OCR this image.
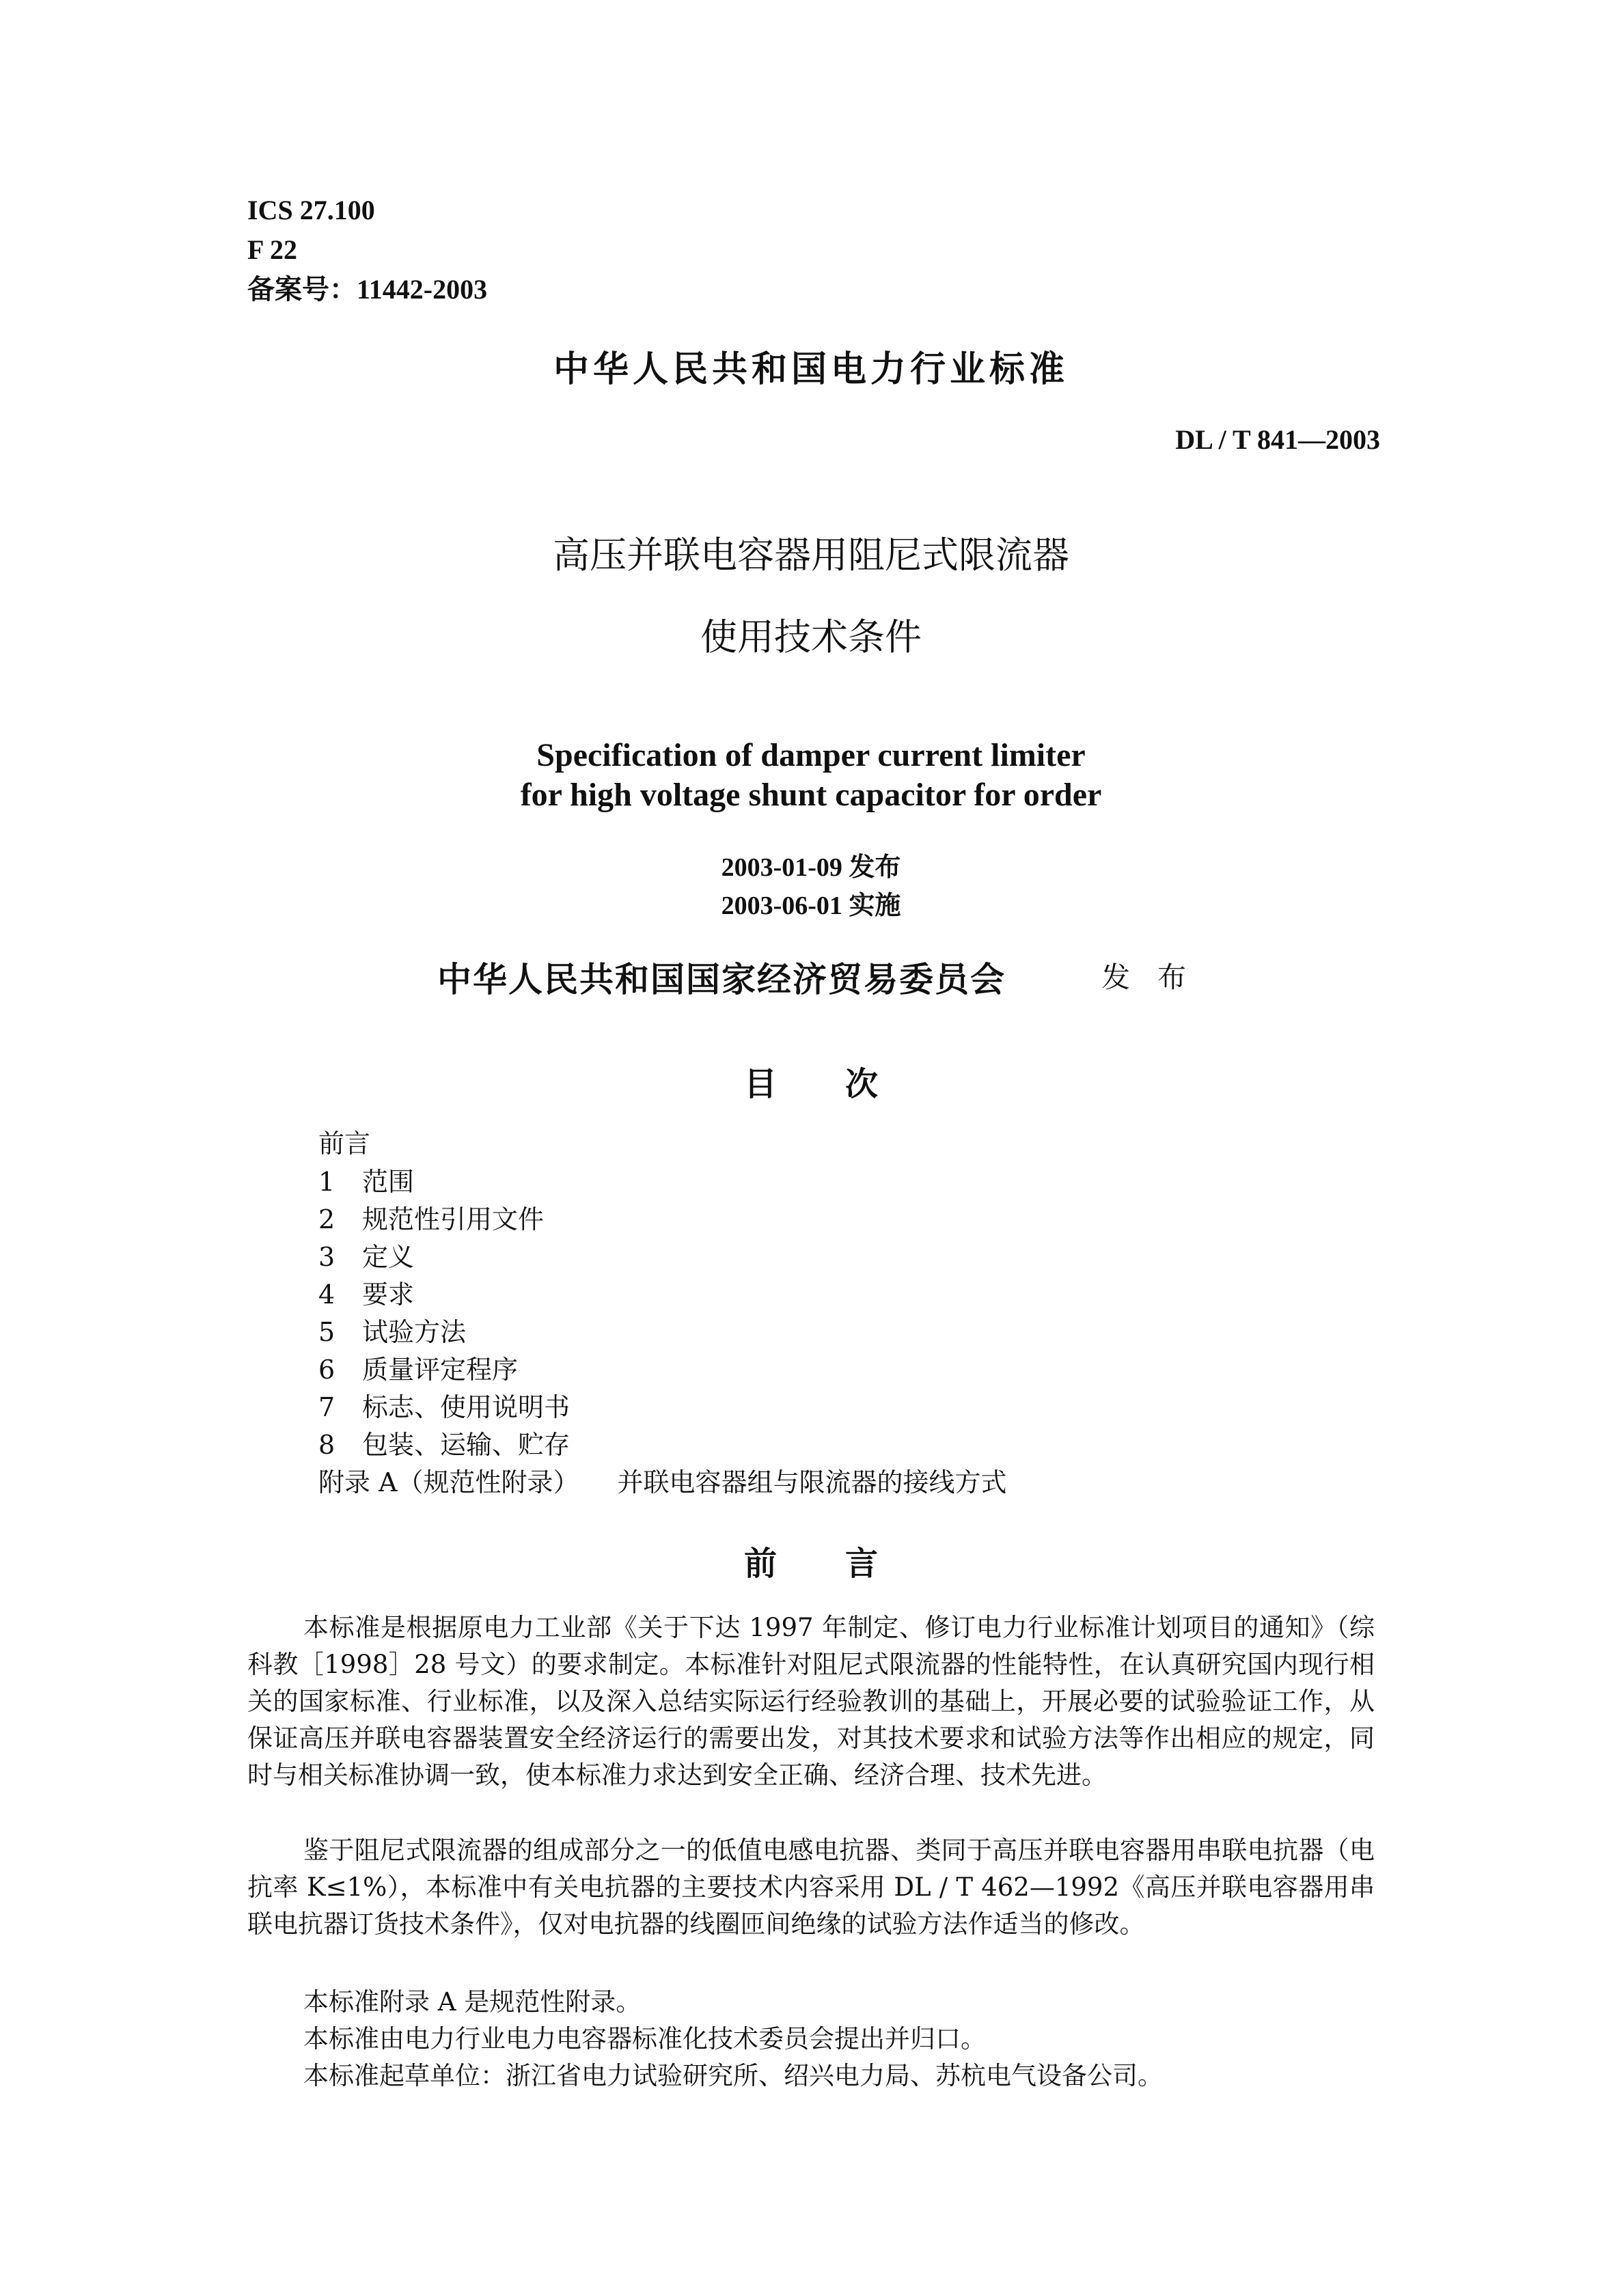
ICS 27.100
F 22
备案号：11442-2003
中华人民共和国电力行业标准
DL / T 841—2003
高压并联电容器用阻尼式限流器
使用技术条件
Specification of damper current limiter
for high voltage shunt capacitor for order
2003-01-09 发布
2003-06-01 实施
中华人民共和国国家经济贸易委员会	发布
目次
前言
1 范围
2 规范性引用文件
3 定义
4 要求
5 试验方法
6 质量评定程序
7 标志、使用说明书
8 包装、运输、贮存
附录 A（规范性附录） 并联电容器组与限流器的接线方式
前言
本标准是根据原电力工业部《关于下达 1997 年制定、修订电力行业标准计划项目的通知》（综科教［1998］28 号文）的要求制定。本标准针对阻尼式限流器的性能特性，在认真研究国内现行相关的国家标准、行业标准，以及深入总结实际运行经验教训的基础上，开展必要的试验验证工作，从保证高压并联电容器装置安全经济运行的需要出发，对其技术要求和试验方法等作出相应的规定，同时与相关标准协调一致，使本标准力求达到安全正确、经济合理、技术先进。
鉴于阻尼式限流器的组成部分之一的低值电感电抗器、类同于高压并联电容器用串联电抗器（电抗率 K≤1%），本标准中有关电抗器的主要技术内容采用 DL / T 462—1992《高压并联电容器用串联电抗器订货技术条件》，仅对电抗器的线圈匝间绝缘的试验方法作适当的修改。
本标准附录 A 是规范性附录。
本标准由电力行业电力电容器标准化技术委员会提出并归口。
本标准起草单位：浙江省电力试验研究所、绍兴电力局、苏杭电气设备公司。
